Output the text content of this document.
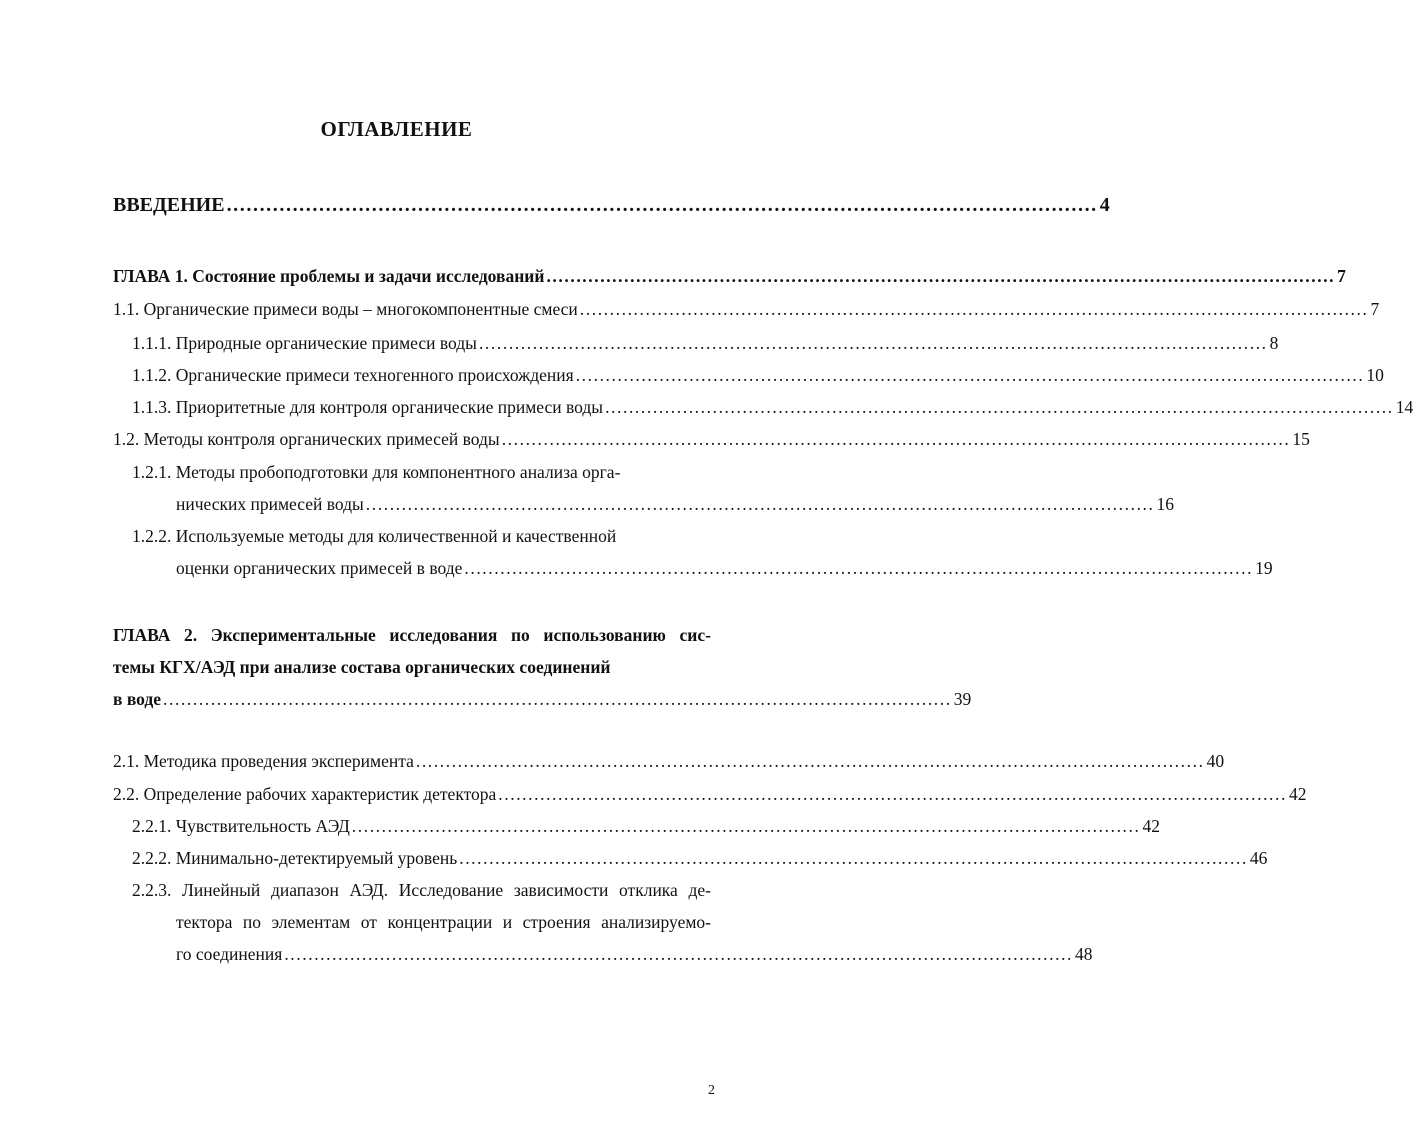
ОГЛАВЛЕНИЕ
ВВЕДЕНИЕ .................................................................................................................................... 4
ГЛАВА 1. Состояние проблемы и задачи исследований .................................................................................................................................... 7
1.1. Органические примеси воды – многокомпонентные смеси .................................................................................................................................... 7
1.1.1. Природные органические примеси воды .................................................................................................................................... 8
1.1.2. Органические примеси техногенного происхождения .................................................................................................................................... 10
1.1.3. Приоритетные для контроля органические примеси воды .................................................................................................................................... 14
1.2. Методы контроля органических примесей воды .................................................................................................................................... 15
1.2.1. Методы пробоподготовки для компонентного анализа орга-
нических примесей воды .................................................................................................................................... 16
1.2.2. Используемые методы для количественной и качественной
оценки органических примесей в воде .................................................................................................................................... 19
ГЛАВА 2. Экспериментальные исследования по использованию сис-
темы КГХ/АЭД при анализе состава органических соединений
в воде .................................................................................................................................... 39
2.1. Методика проведения эксперимента .................................................................................................................................... 40
2.2. Определение рабочих характеристик детектора .................................................................................................................................... 42
2.2.1. Чувствительность АЭД .................................................................................................................................... 42
2.2.2. Минимально-детектируемый уровень .................................................................................................................................... 46
2.2.3. Линейный диапазон АЭД. Исследование зависимости отклика де-
тектора по элементам от концентрации и строения анализируемо-
го соединения .................................................................................................................................... 48
2
